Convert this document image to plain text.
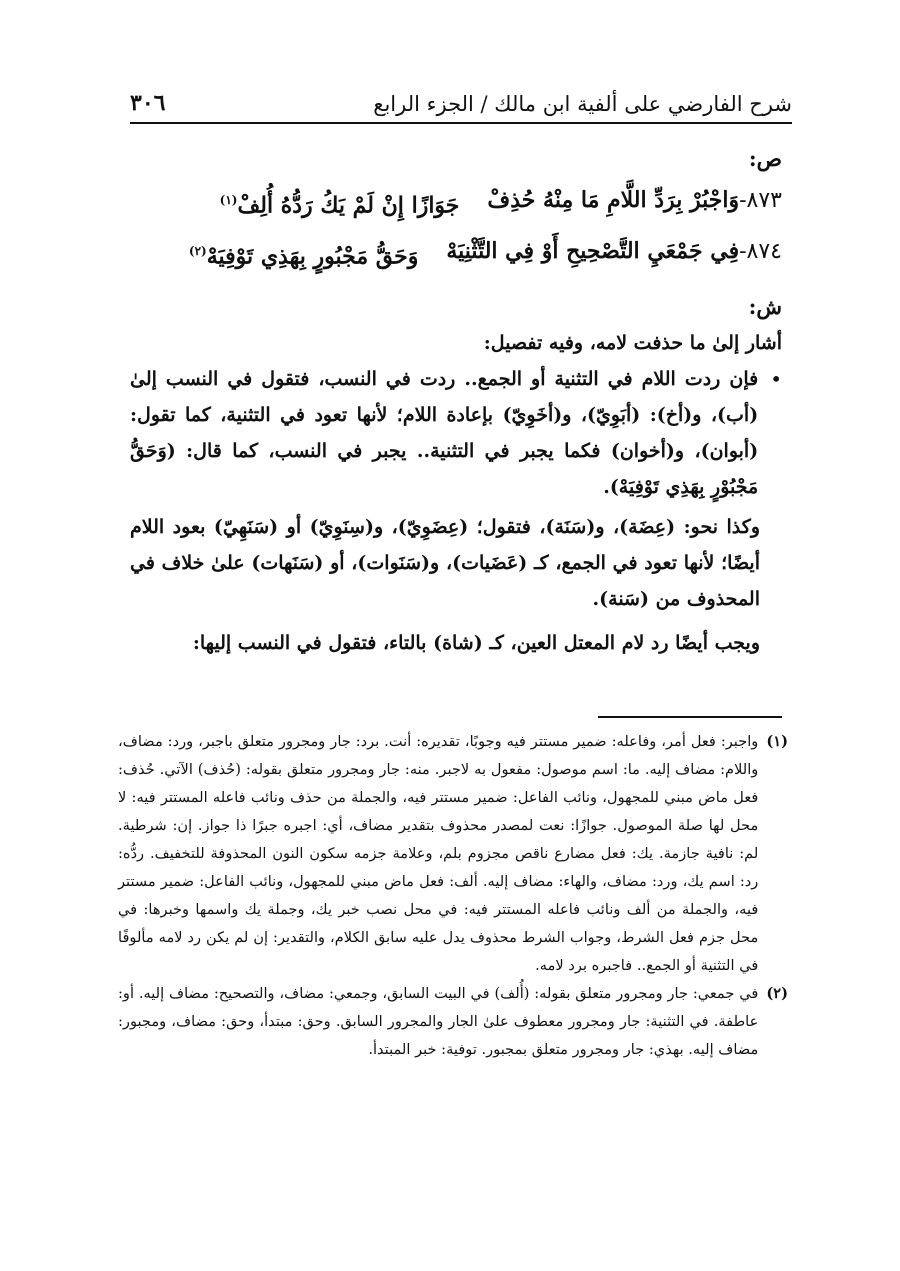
شرح الفارضي على ألفية ابن مالك / الجزء الرابع
٣٠٦
ص:
٨٧٣-وَاجْبُرْ بِرَدِّ اللَّامِ مَا مِنْهُ حُذِفْ
جَوَازًا إِنْ لَمْ يَكُ رَدُّهُ أُلِفْ$^{(١)}$
٨٧٤-فِي جَمْعَيِ التَّصْحِيحِ أَوْ فِي التَّثْنِيَهْ
وَحَقُّ مَجْبُورٍ بِهَذِي تَوْفِيَهْ$^{(٢)}$
ش:

أشار إلىٰ ما حذفت لامه، وفيه تفصيل:

•

فإن ردت اللام في التثنية أو الجمع.. ردت في النسب، فتقول في النسب إلىٰ (أب)، و(أخ): (أبَوِيّ)، و(أخَوِيّ) بإعادة اللام؛ لأنها تعود في التثنية، كما تقول: (أبوان)، و(أخوان) فكما يجبر في التثنية.. يجبر في النسب، كما قال: (وَحَقُّ مَجْبُوْرٍ بِهَذِي تَوْفِيَهْ).

وكذا نحو: (عِضَة)، و(سَنَة)، فتقول؛ (عِضَوِيّ)، و(سِنَوِيّ) أو (سَنَهِيّ) بعود اللام أيضًا؛ لأنها تعود في الجمع، كـ (عَضَيات)، و(سَنَوات)، أو (سَنَهات) علىٰ خلاف في المحذوف من (سَنة).

ويجب أيضًا رد لام المعتل العين، كـ (شاة) بالتاء، فتقول في النسب إليها:

(١)
واجبر: فعل أمر، وفاعله: ضمير مستتر فيه وجوبًا، تقديره: أنت. برد: جار ومجرور متعلق باجبر، ورد: مضاف، واللام: مضاف إليه. ما: اسم موصول: مفعول به لاجبر. منه: جار ومجرور متعلق بقوله: (حُذف) الآتي. حُذف: فعل ماض مبني للمجهول، ونائب الفاعل: ضمير مستتر فيه، والجملة من حذف ونائب فاعله المستتر فيه: لا محل لها صلة الموصول. جوازًا: نعت لمصدر محذوف بتقدير مضاف، أي: اجبره جبرًا ذا جواز. إن: شرطية. لم: نافية جازمة. يك: فعل مضارع ناقص مجزوم بلم، وعلامة جزمه سكون النون المحذوفة للتخفيف. ردُّه: رد: اسم يك، ورد: مضاف، والهاء: مضاف إليه. ألف: فعل ماض مبني للمجهول، ونائب الفاعل: ضمير مستتر فيه، والجملة من ألف ونائب فاعله المستتر فيه: في محل نصب خبر يك، وجملة يك واسمها وخبرها: في محل جزم فعل الشرط، وجواب الشرط محذوف يدل عليه سابق الكلام، والتقدير: إن لم يكن رد لامه مألوفًا في التثنية أو الجمع.. فاجبره برد لامه.
(٢)
في جمعي: جار ومجرور متعلق بقوله: (أُلف) في البيت السابق، وجمعي: مضاف، والتصحيح: مضاف إليه. أو: عاطفة. في التثنية: جار ومجرور معطوف علىٰ الجار والمجرور السابق. وحق: مبتدأ، وحق: مضاف، ومجبور: مضاف إليه. بهذي: جار ومجرور متعلق بمجبور. توفية: خبر المبتدأ.
